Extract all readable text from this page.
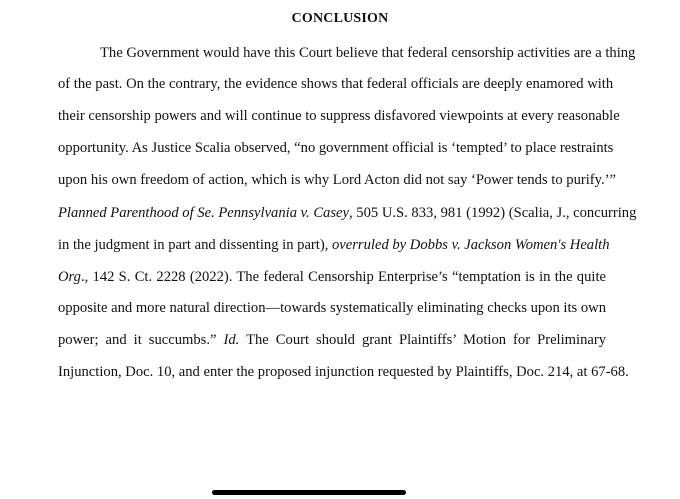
CONCLUSION
The Government would have this Court believe that federal censorship activities are a thing
of the past. On the contrary, the evidence shows that federal officials are deeply enamored with
their censorship powers and will continue to suppress disfavored viewpoints at every reasonable
opportunity. As Justice Scalia observed, “no government official is ‘tempted’ to place restraints
upon his own freedom of action, which is why Lord Acton did not say ‘Power tends to purify.’”
Planned Parenthood of Se. Pennsylvania v. Casey, 505 U.S. 833, 981 (1992) (Scalia, J., concurring
in the judgment in part and dissenting in part), overruled by Dobbs v. Jackson Women's Health
Org., 142 S. Ct. 2228 (2022). The federal Censorship Enterprise’s “temptation is in the quite
opposite and more natural direction—towards systematically eliminating checks upon its own
power; and it succumbs.” Id. The Court should grant Plaintiffs’ Motion for Preliminary
Injunction, Doc. 10, and enter the proposed injunction requested by Plaintiffs, Doc. 214, at 67-68.
